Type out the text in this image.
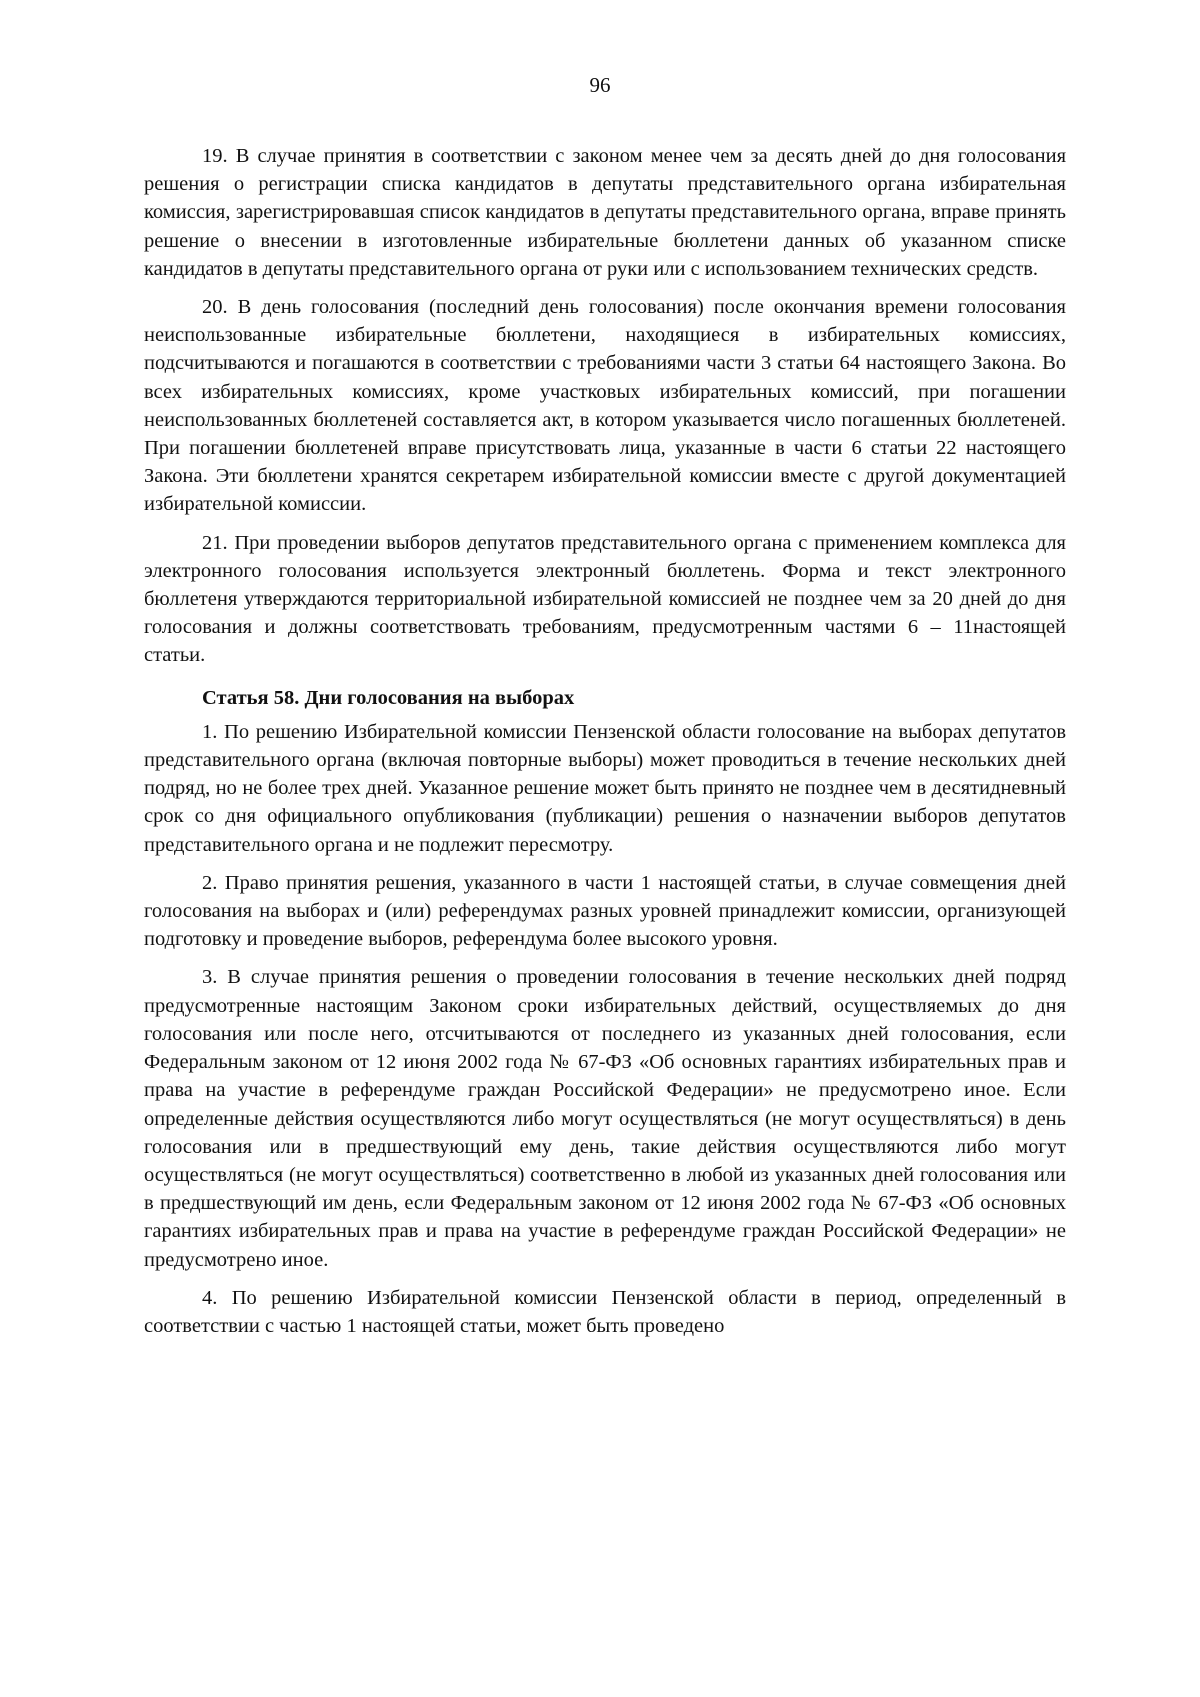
96

19. В случае принятия в соответствии с законом менее чем за десять дней до дня голосования решения о регистрации списка кандидатов в депутаты представительного органа избирательная комиссия, зарегистрировавшая список кандидатов в депутаты представительного органа, вправе принять решение о внесении в изготовленные избирательные бюллетени данных об указанном списке кандидатов в депутаты представительного органа от руки или с использованием технических средств.

20. В день голосования (последний день голосования) после окончания времени голосования неиспользованные избирательные бюллетени, находящиеся в избирательных комиссиях, подсчитываются и погашаются в соответствии с требованиями части 3 статьи 64 настоящего Закона. Во всех избирательных комиссиях, кроме участковых избирательных комиссий, при погашении неиспользованных бюллетеней составляется акт, в котором указывается число погашенных бюллетеней. При погашении бюллетеней вправе присутствовать лица, указанные в части 6 статьи 22 настоящего Закона. Эти бюллетени хранятся секретарем избирательной комиссии вместе с другой документацией избирательной комиссии.

21. При проведении выборов депутатов представительного органа с применением комплекса для электронного голосования используется электронный бюллетень. Форма и текст электронного бюллетеня утверждаются территориальной избирательной комиссией не позднее чем за 20 дней до дня голосования и должны соответствовать требованиям, предусмотренным частями 6 – 11настоящей статьи.

Статья 58. Дни голосования на выборах

1. По решению Избирательной комиссии Пензенской области голосование на выборах депутатов представительного органа (включая повторные выборы) может проводиться в течение нескольких дней подряд, но не более трех дней. Указанное решение может быть принято не позднее чем в десятидневный срок со дня официального опубликования (публикации) решения о назначении выборов депутатов представительного органа и не подлежит пересмотру.

2. Право принятия решения, указанного в части 1 настоящей статьи, в случае совмещения дней голосования на выборах и (или) референдумах разных уровней принадлежит комиссии, организующей подготовку и проведение выборов, референдума более высокого уровня.

3. В случае принятия решения о проведении голосования в течение нескольких дней подряд предусмотренные настоящим Законом сроки избирательных действий, осуществляемых до дня голосования или после него, отсчитываются от последнего из указанных дней голосования, если Федеральным законом от 12 июня 2002 года № 67-ФЗ «Об основных гарантиях избирательных прав и права на участие в референдуме граждан Российской Федерации» не предусмотрено иное. Если определенные действия осуществляются либо могут осуществляться (не могут осуществляться) в день голосования или в предшествующий ему день, такие действия осуществляются либо могут осуществляться (не могут осуществляться) соответственно в любой из указанных дней голосования или в предшествующий им день, если Федеральным законом от 12 июня 2002 года № 67-ФЗ «Об основных гарантиях избирательных прав и права на участие в референдуме граждан Российской Федерации» не предусмотрено иное.

4. По решению Избирательной комиссии Пензенской области в период, определенный в соответствии с частью 1 настоящей статьи, может быть проведено
